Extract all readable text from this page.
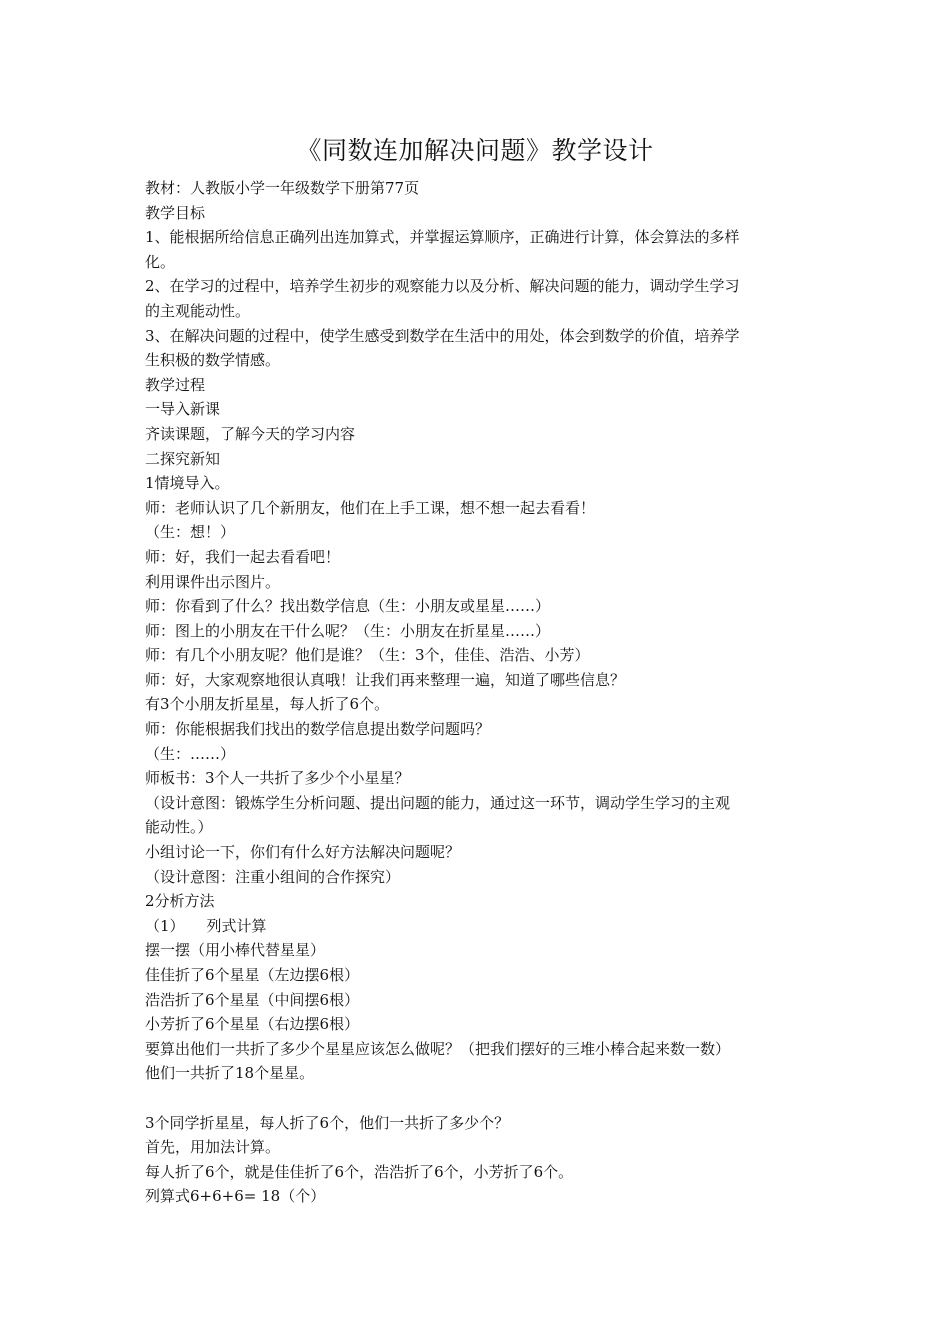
《同数连加解决问题》教学设计
教材：人教版小学一年级数学下册第77页
教学目标
1、能根据所给信息正确列出连加算式，并掌握运算顺序，正确进行计算，体会算法的多样
化。
2、在学习的过程中，培养学生初步的观察能力以及分析、解决问题的能力，调动学生学习
的主观能动性。
3、在解决问题的过程中，使学生感受到数学在生活中的用处，体会到数学的价值，培养学
生积极的数学情感。
教学过程
一导入新课
齐读课题，了解今天的学习内容
二探究新知
1情境导入。
师：老师认识了几个新朋友，他们在上手工课，想不想一起去看看！
（生：想！）
师：好，我们一起去看看吧！
利用课件出示图片。
师：你看到了什么？找出数学信息（生：小朋友或星星……）
师：图上的小朋友在干什么呢？（生：小朋友在折星星……）
师：有几个小朋友呢？他们是谁？（生：3个，佳佳、浩浩、小芳）
师：好，大家观察地很认真哦！让我们再来整理一遍，知道了哪些信息？
有3个小朋友折星星，每人折了6个。
师：你能根据我们找出的数学信息提出数学问题吗？
（生：……）
师板书：3个人一共折了多少个小星星？
（设计意图：锻炼学生分析问题、提出问题的能力，通过这一环节，调动学生学习的主观
能动性。）
小组讨论一下，你们有什么好方法解决问题呢？
（设计意图：注重小组间的合作探究）
2分析方法
（1） 列式计算
摆一摆（用小棒代替星星）
佳佳折了6个星星（左边摆6根）
浩浩折了6个星星（中间摆6根）
小芳折了6个星星（右边摆6根）
要算出他们一共折了多少个星星应该怎么做呢？（把我们摆好的三堆小棒合起来数一数）
他们一共折了18个星星。
3个同学折星星，每人折了6个，他们一共折了多少个？
首先，用加法计算。
每人折了6个，就是佳佳折了6个，浩浩折了6个，小芳折了6个。
列算式6+6+6= 18（个）
